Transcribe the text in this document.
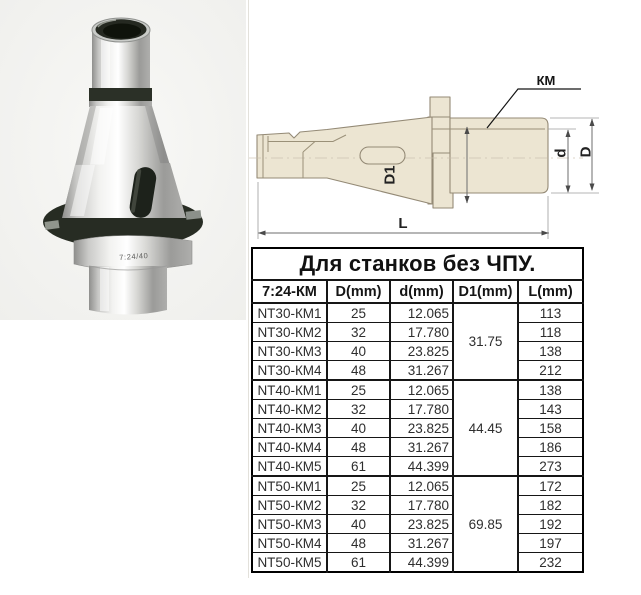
7:24/40
КМ
D1
d D
L
Для станков без ЧПУ.				
7:24-КМ	D(mm)	d(mm)	D1(mm)	L(mm)
NT30-КМ1	25	12.065	31.75	113
NT30-КМ2	32	17.780		118
NT30-КМ3	40	23.825		138
NT30-КМ4	48	31.267		212
NT40-КМ1	25	12.065	44.45	138
NT40-КМ2	32	17.780		143
NT40-КМ3	40	23.825		158
NT40-КМ4	48	31.267		186
NT40-КМ5	61	44.399		273
NT50-КМ1	25	12.065	69.85	172
NT50-КМ2	32	17.780		182
NT50-КМ3	40	23.825		192
NT50-КМ4	48	31.267		197
NT50-КМ5	61	44.399		232
